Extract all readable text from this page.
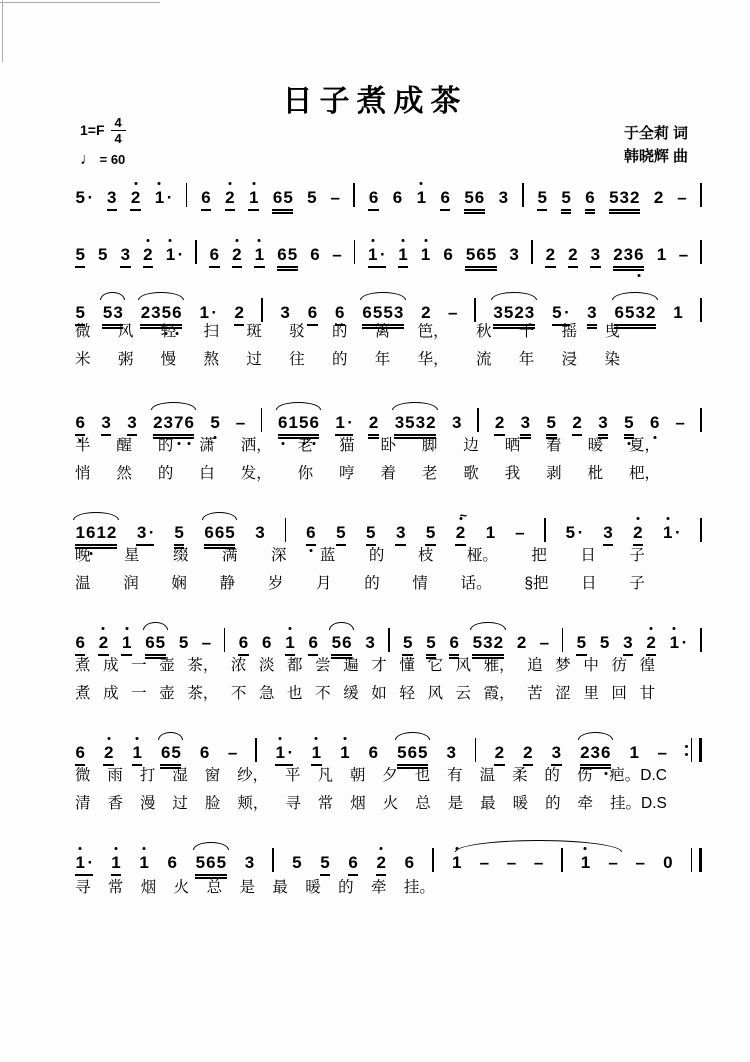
日子煮成茶
$1=F \frac{4}{4}$
♩ = 60
于全莉 词
韩晓辉 曲
5 · 3 2 1 · 6 2 1 65 5 – 6 6 1 6 56 3 5 5 6 532 2 –
5 5 3 2 1 · 6 2 1 65 6 – 1 · 1 1 6 565 3 2 2 3 236 1 –
5 53 235
6 1 · 2 3 6 6 6553 2 – 3523 5 · 3 6532 1
微 风 轻 扫 斑 驳 的 篱 笆， 秋 千 摇 曳
米 粥 慢 熬 过 往 的 年 华， 流 年 浸 染
6 3 3 237
6 5 – 6
15
6 1 · 2 3532 3 2 3 5 2 3 5 6 –
半 醒 的 潇 洒， 老 猫 卧 脚 边 晒 着 暖 夏，
悄 然 的 白 发， 你 哼 着 老 歌 我 剥 枇 杷，
16
12 3 · 5 665 3 6 5 5 3 5 2
~
1 – 5 · 3 2 1 ·
晚 星 缀 满 深 蓝 的 枝 桠。 把 日 子
温 润 娴 静 岁 月 的 情 话。 §把 日 子
6 2 1 65 5 – 6 6 1 6 56 3 5 5 6 532 2 – 5 5 3 2 1 ·
煮 成 一 壶 茶， 浓 淡 都 尝 遍 才 懂 它 风 雅， 追 梦 中 彷 徨
煮 成 一 壶 茶， 不 急 也 不 缓 如 轻 风 云 霞， 苦 涩 里 回 甘
6 2 1 65 6 – 1 · 1 1 6 565 3 2 2 3 236 1 –
微 雨 打 湿 窗 纱， 平 凡 朝 夕 也 有 温 柔 的 伤 疤。D.C
清 香 漫 过 脸 颊， 寻 常 烟 火 总 是 最 暖 的 牵 挂。D.S
1 · 1 1 6 565 3 5 5 6 2 6 1 – – – 1 – – 0
寻 常 烟 火 总 是 最 暖 的 牵 挂。
